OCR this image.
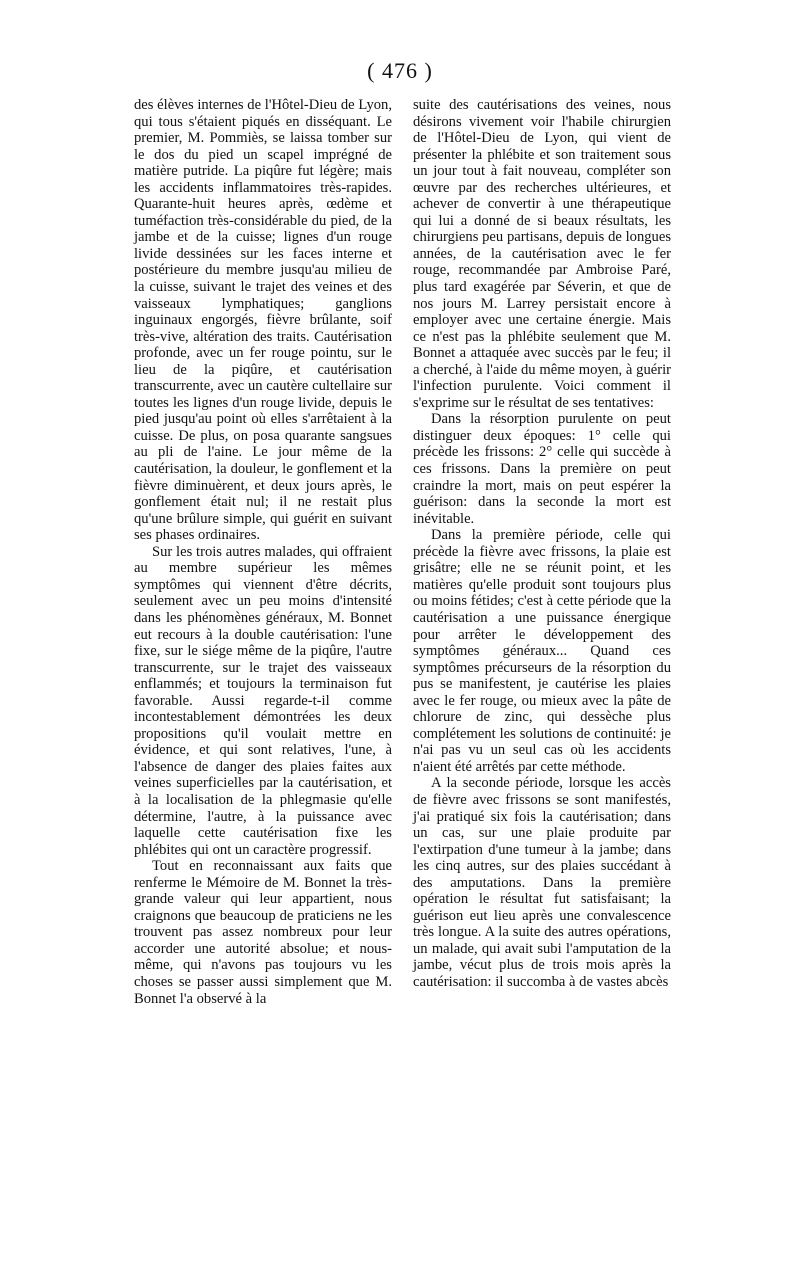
( 476 )

des élèves internes de l'Hôtel-Dieu de Lyon, qui tous s'étaient piqués en disséquant. Le premier, M. Pommiès, se laissa tomber sur le dos du pied un scapel imprégné de matière putride. La piqûre fut légère; mais les accidents inflammatoires très-rapides. Quarante-huit heures après, œdème et tuméfaction très-considérable du pied, de la jambe et de la cuisse; lignes d'un rouge livide dessinées sur les faces interne et postérieure du membre jusqu'au milieu de la cuisse, suivant le trajet des veines et des vaisseaux lymphatiques; ganglions inguinaux engorgés, fièvre brûlante, soif très-vive, altération des traits. Cautérisation profonde, avec un fer rouge pointu, sur le lieu de la piqûre, et cautérisation transcurrente, avec un cautère cultellaire sur toutes les lignes d'un rouge livide, depuis le pied jusqu'au point où elles s'arrêtaient à la cuisse. De plus, on posa quarante sangsues au pli de l'aine. Le jour même de la cautérisation, la douleur, le gonflement et la fièvre diminuèrent, et deux jours après, le gonflement était nul; il ne restait plus qu'une brûlure simple, qui guérit en suivant ses phases ordinaires.

Sur les trois autres malades, qui offraient au membre supérieur les mêmes symptômes qui viennent d'être décrits, seulement avec un peu moins d'intensité dans les phénomènes généraux, M. Bonnet eut recours à la double cautérisation: l'une fixe, sur le siége même de la piqûre, l'autre transcurrente, sur le trajet des vaisseaux enflammés; et toujours la terminaison fut favorable. Aussi regarde-t-il comme incontestablement démontrées les deux propositions qu'il voulait mettre en évidence, et qui sont relatives, l'une, à l'absence de danger des plaies faites aux veines superficielles par la cautérisation, et à la localisation de la phlegmasie qu'elle détermine, l'autre, à la puissance avec laquelle cette cautérisation fixe les phlébites qui ont un caractère progressif.

Tout en reconnaissant aux faits que renferme le Mémoire de M. Bonnet la très-grande valeur qui leur appartient, nous craignons que beaucoup de praticiens ne les trouvent pas assez nombreux pour leur accorder une autorité absolue; et nous-même, qui n'avons pas toujours vu les choses se passer aussi simplement que M. Bonnet l'a observé à la

suite des cautérisations des veines, nous désirons vivement voir l'habile chirurgien de l'Hôtel-Dieu de Lyon, qui vient de présenter la phlébite et son traitement sous un jour tout à fait nouveau, compléter son œuvre par des recherches ultérieures, et achever de convertir à une thérapeutique qui lui a donné de si beaux résultats, les chirurgiens peu partisans, depuis de longues années, de la cautérisation avec le fer rouge, recommandée par Ambroise Paré, plus tard exagérée par Séverin, et que de nos jours M. Larrey persistait encore à employer avec une certaine énergie. Mais ce n'est pas la phlébite seulement que M. Bonnet a attaquée avec succès par le feu; il a cherché, à l'aide du même moyen, à guérir l'infection purulente. Voici comment il s'exprime sur le résultat de ses tentatives:

Dans la résorption purulente on peut distinguer deux époques: 1° celle qui précède les frissons: 2° celle qui succède à ces frissons. Dans la première on peut craindre la mort, mais on peut espérer la guérison: dans la seconde la mort est inévitable.

Dans la première période, celle qui précède la fièvre avec frissons, la plaie est grisâtre; elle ne se réunit point, et les matières qu'elle produit sont toujours plus ou moins fétides; c'est à cette période que la cautérisation a une puissance énergique pour arrêter le développement des symptômes généraux... Quand ces symptômes précurseurs de la résorption du pus se manifestent, je cautérise les plaies avec le fer rouge, ou mieux avec la pâte de chlorure de zinc, qui dessèche plus complétement les solutions de continuité: je n'ai pas vu un seul cas où les accidents n'aient été arrêtés par cette méthode.

A la seconde période, lorsque les accès de fièvre avec frissons se sont manifestés, j'ai pratiqué six fois la cautérisation; dans un cas, sur une plaie produite par l'extirpation d'une tumeur à la jambe; dans les cinq autres, sur des plaies succédant à des amputations. Dans la première opération le résultat fut satisfaisant; la guérison eut lieu après une convalescence très longue. A la suite des autres opérations, un malade, qui avait subi l'amputation de la jambe, vécut plus de trois mois après la cautérisation: il succomba à de vastes abcès
